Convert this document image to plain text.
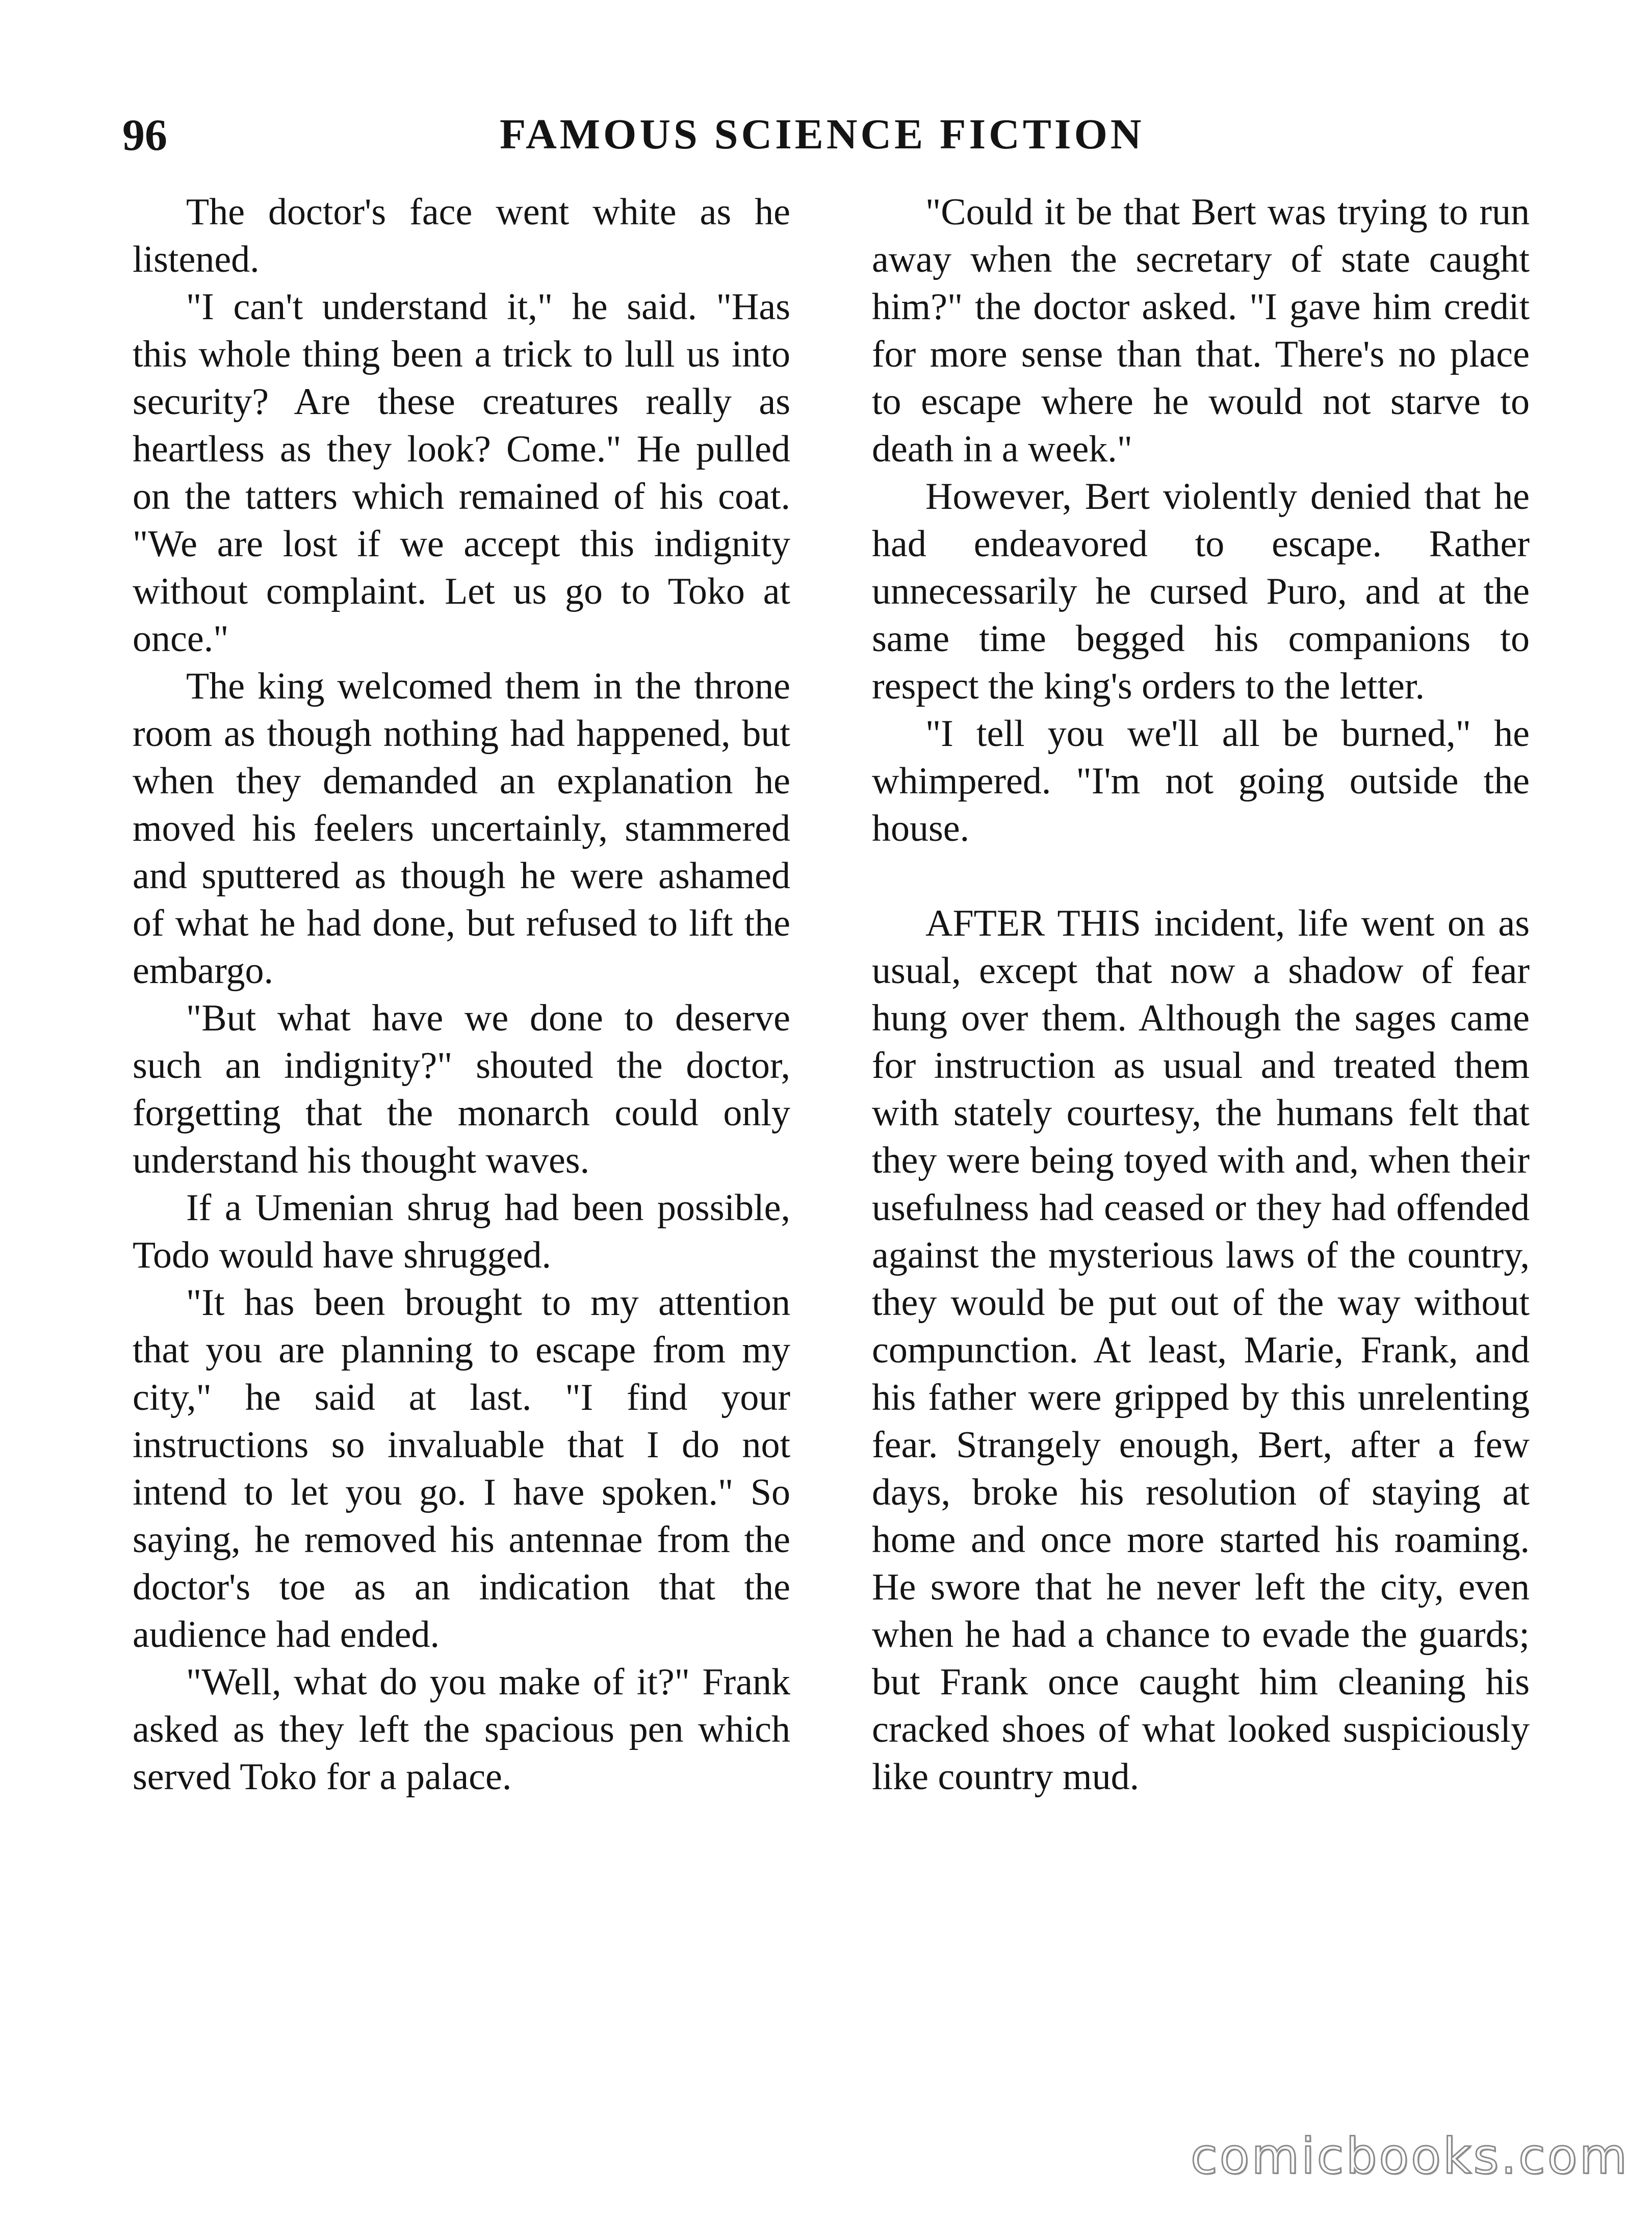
96	FAMOUS SCIENCE FICTION

The doctor's face went white as he listened.

"I can't understand it," he said. "Has this whole thing been a trick to lull us into security? Are these creatures really as heartless as they look? Come." He pulled on the tatters which remained of his coat. "We are lost if we accept this indignity without complaint. Let us go to Toko at once."

The king welcomed them in the throne room as though nothing had happened, but when they demanded an explanation he moved his feelers uncertainly, stammered and sputtered as though he were ashamed of what he had done, but refused to lift the embargo.

"But what have we done to deserve such an indignity?" shouted the doctor, forgetting that the monarch could only understand his thought waves.

If a Umenian shrug had been possible, Todo would have shrugged.

"It has been brought to my attention that you are planning to escape from my city," he said at last. "I find your instructions so invaluable that I do not intend to let you go. I have spoken." So saying, he removed his antennae from the doctor's toe as an indication that the audience had ended.

"Well, what do you make of it?" Frank asked as they left the spacious pen which served Toko for a palace.

"Could it be that Bert was trying to run away when the secretary of state caught him?" the doctor asked. "I gave him credit for more sense than that. There's no place to escape where he would not starve to death in a week."

However, Bert violently denied that he had endeavored to escape. Rather unnecessarily he cursed Puro, and at the same time begged his companions to respect the king's orders to the letter.

"I tell you we'll all be burned," he whimpered. "I'm not going outside the house.

AFTER THIS incident, life went on as usual, except that now a shadow of fear hung over them. Although the sages came for instruction as usual and treated them with stately courtesy, the humans felt that they were being toyed with and, when their usefulness had ceased or they had offended against the mysterious laws of the country, they would be put out of the way without compunction. At least, Marie, Frank, and his father were gripped by this unrelenting fear. Strangely enough, Bert, after a few days, broke his resolution of staying at home and once more started his roaming. He swore that he never left the city, even when he had a chance to evade the guards; but Frank once caught him cleaning his cracked shoes of what looked suspiciously like country mud.

comicbooks.com
